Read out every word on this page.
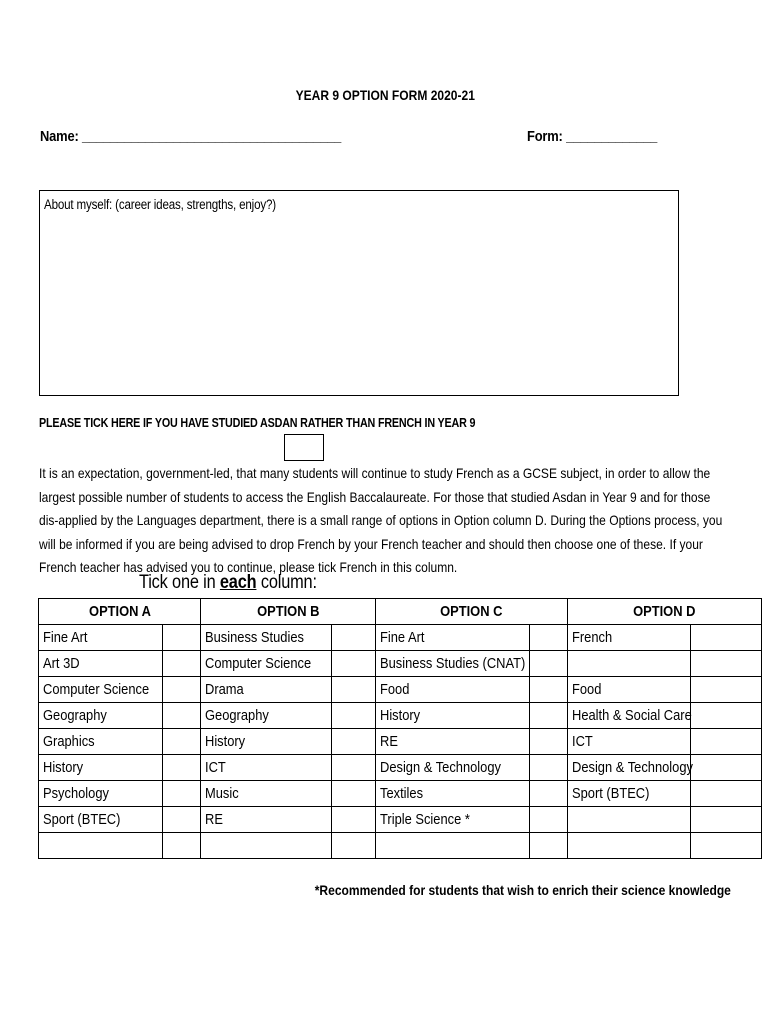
YEAR 9 OPTION FORM 2020-21
Name: _____________________________________	Form: _____________
About myself: (career ideas, strengths, enjoy?)
PLEASE TICK HERE IF YOU HAVE STUDIED ASDAN RATHER THAN FRENCH IN YEAR 9
It is an expectation, government-led, that many students will continue to study French as a GCSE subject, in order to allow the largest possible number of students to access the English Baccalaureate. For those that studied Asdan in Year 9 and for those dis-applied by the Languages department, there is a small range of options in Option column D. During the Options process, you will be informed if you are being advised to drop French by your French teacher and should then choose one of these. If your French teacher has advised you to continue, please tick French in this column.
Tick one in each column:
OPTION A		OPTION B		OPTION C		OPTION D	
Fine Art		Business Studies		Fine Art		French	
Art 3D		Computer Science		Business Studies (CNAT)			
Computer Science		Drama		Food		Food	
Geography		Geography		History		Health & Social Care	
Graphics		History		RE		ICT	
History		ICT		Design & Technology		Design & Technology	
Psychology		Music		Textiles		Sport (BTEC)	
Sport (BTEC)		RE		Triple Science *			

*Recommended for students that wish to enrich their science knowledge
